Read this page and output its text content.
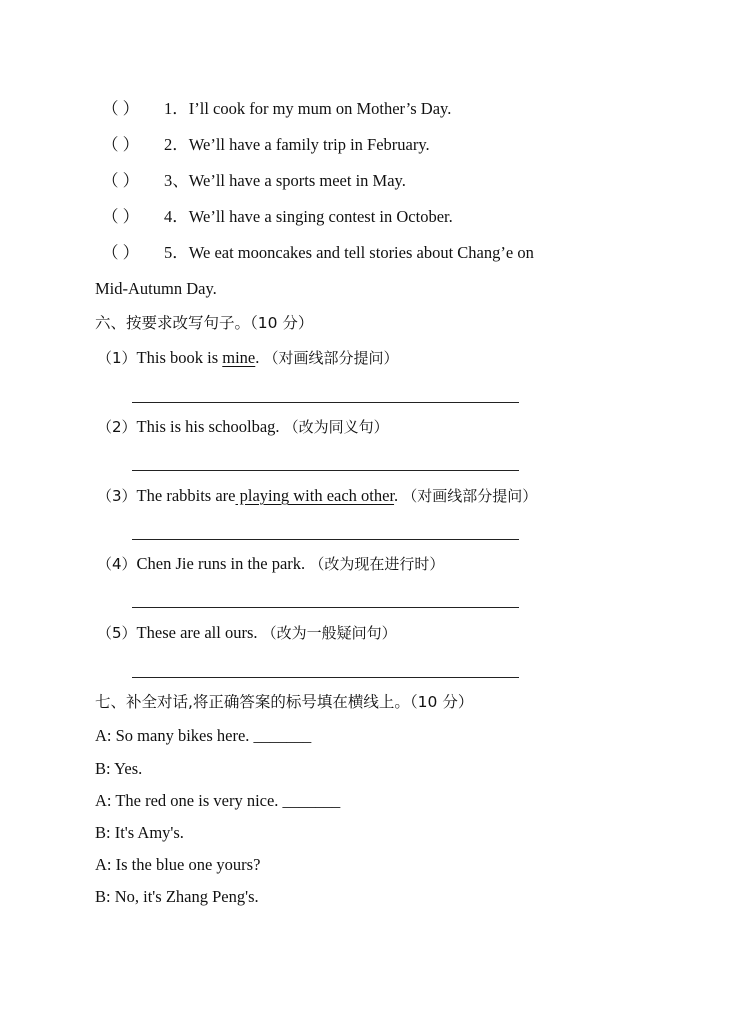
（ ） 1．I’ll cook for my mum on Mother’s Day.
（ ） 2．We’ll have a family trip in February.
（ ） 3、We’ll have a sports meet in May.
（ ） 4．We’ll have a singing contest in October.
（ ） 5．We eat mooncakes and tell stories about Chang’e on
Mid-Autumn Day.
六、按要求改写句子。（10 分）
（1）This book is mine. （对画线部分提问）
（2）This is his schoolbag. （改为同义句）
（3）The rabbits are playing with each other. （对画线部分提问）
（4）Chen Jie runs in the park. （改为现在进行时）
（5）These are all ours. （改为一般疑问句）
七、补全对话,将正确答案的标号填在横线上。（10 分）
A: So many bikes here. _______
B: Yes.
A: The red one is very nice. _______
B: It's Amy's.
A: Is the blue one yours?
B: No, it's Zhang Peng's.
